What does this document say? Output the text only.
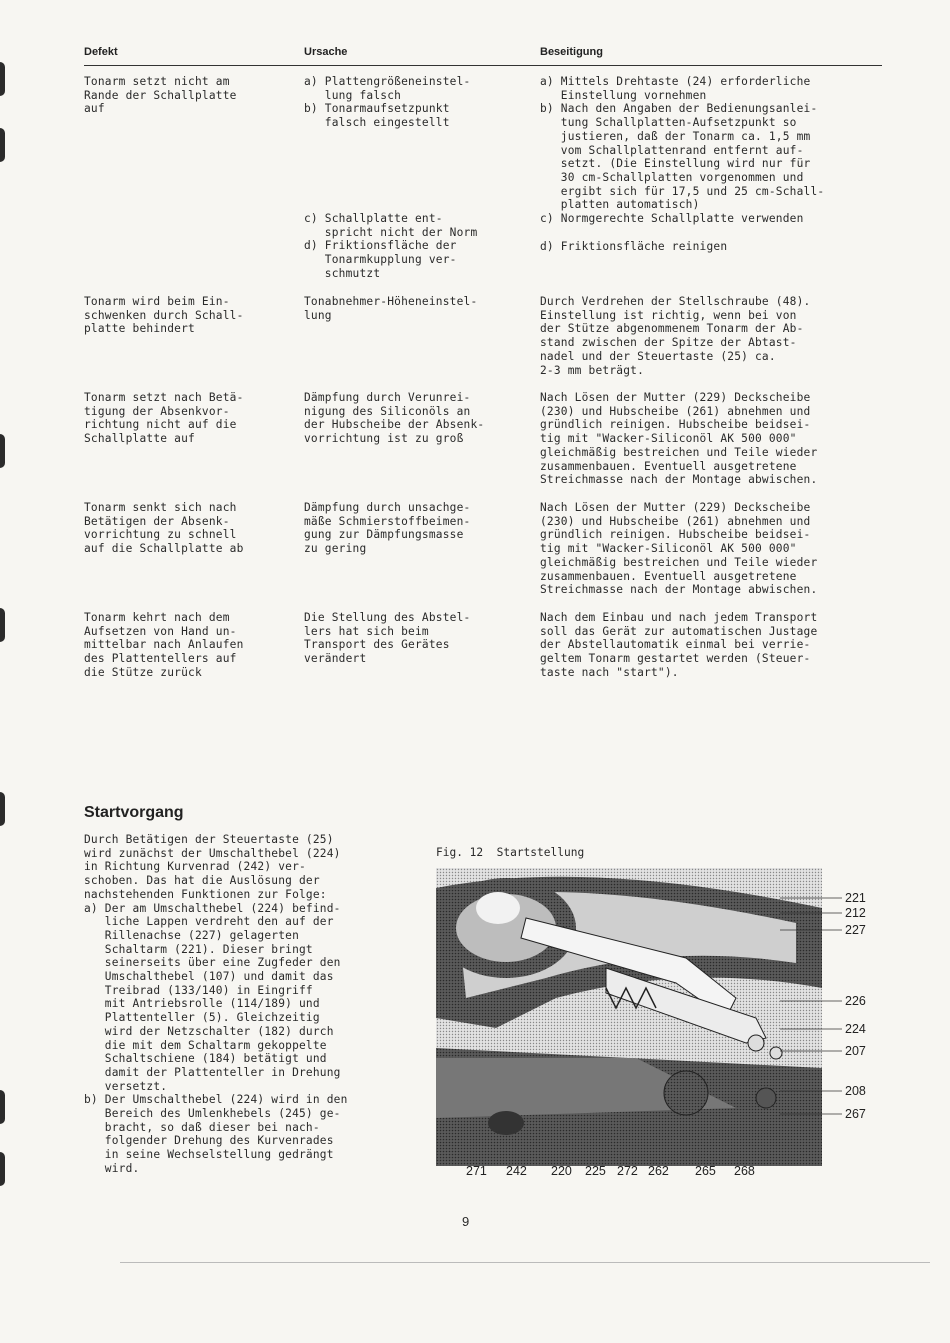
Defekt	Ursache	Beseitigung
Tonarm setzt nicht am
Rande der Schallplatte
auf
a) Plattengrößeneinstel-
lung falsch
b) Tonarmaufsetzpunkt
falsch eingestellt
c) Schallplatte ent-
spricht nicht der Norm
d) Friktionsfläche der
Tonarmkupplung ver-
schmutzt
a) Mittels Drehtaste (24) erforderliche
Einstellung vornehmen
b) Nach den Angaben der Bedienungsanlei-
tung Schallplatten-Aufsetzpunkt so
justieren, daß der Tonarm ca. 1,5 mm
vom Schallplattenrand entfernt auf-
setzt. (Die Einstellung wird nur für
30 cm-Schallplatten vorgenommen und
ergibt sich für 17,5 und 25 cm-Schall-
platten automatisch)
c) Normgerechte Schallplatte verwenden
d) Friktionsfläche reinigen
Tonarm wird beim Ein-
schwenken durch Schall-
platte behindert
Tonabnehmer-Höheneinstel-
lung
Durch Verdrehen der Stellschraube (48).
Einstellung ist richtig, wenn bei von
der Stütze abgenommenem Tonarm der Ab-
stand zwischen der Spitze der Abtast-
nadel und der Steuertaste (25) ca.
2-3 mm beträgt.
Tonarm setzt nach Betä-
tigung der Absenkvor-
richtung nicht auf die
Schallplatte auf
Dämpfung durch Verunrei-
nigung des Siliconöls an
der Hubscheibe der Absenk-
vorrichtung ist zu groß
Nach Lösen der Mutter (229) Deckscheibe
(230) und Hubscheibe (261) abnehmen und
gründlich reinigen. Hubscheibe beidsei-
tig mit "Wacker-Siliconöl AK 500 000"
gleichmäßig bestreichen und Teile wieder
zusammenbauen. Eventuell ausgetretene
Streichmasse nach der Montage abwischen.
Tonarm senkt sich nach
Betätigen der Absenk-
vorrichtung zu schnell
auf die Schallplatte ab
Dämpfung durch unsachge-
mäße Schmierstoffbeimen-
gung zur Dämpfungsmasse
zu gering
Nach Lösen der Mutter (229) Deckscheibe
(230) und Hubscheibe (261) abnehmen und
gründlich reinigen. Hubscheibe beidsei-
tig mit "Wacker-Siliconöl AK 500 000"
gleichmäßig bestreichen und Teile wieder
zusammenbauen. Eventuell ausgetretene
Streichmasse nach der Montage abwischen.
Tonarm kehrt nach dem
Aufsetzen von Hand un-
mittelbar nach Anlaufen
des Plattentellers auf
die Stütze zurück
Die Stellung des Abstel-
lers hat sich beim
Transport des Gerätes
verändert
Nach dem Einbau und nach jedem Transport
soll das Gerät zur automatischen Justage
der Abstellautomatik einmal bei verrie-
geltem Tonarm gestartet werden (Steuer-
taste nach "start").
Startvorgang
Durch Betätigen der Steuertaste (25)
wird zunächst der Umschalthebel (224)
in Richtung Kurvenrad (242) ver-
schoben. Das hat die Auslösung der
nachstehenden Funktionen zur Folge:
a) Der am Umschalthebel (224) befind-
liche Lappen verdreht den auf der
Rillenachse (227) gelagerten
Schaltarm (221). Dieser bringt
seinerseits über eine Zugfeder den
Umschalthebel (107) und damit das
Treibrad (133/140) in Eingriff
mit Antriebsrolle (114/189) und
Plattenteller (5). Gleichzeitig
wird der Netzschalter (182) durch
die mit dem Schaltarm gekoppelte
Schaltschiene (184) betätigt und
damit der Plattenteller in Drehung
versetzt.
b) Der Umschalthebel (224) wird in den
Bereich des Umlenkhebels (245) ge-
bracht, so daß dieser bei nach-
folgender Drehung des Kurvenrades
in seine Wechselstellung gedrängt
wird.
Fig. 12  Startstellung
221
212
227
226
224
207
208
267
271 242 220 225 272 262 265 268
9
